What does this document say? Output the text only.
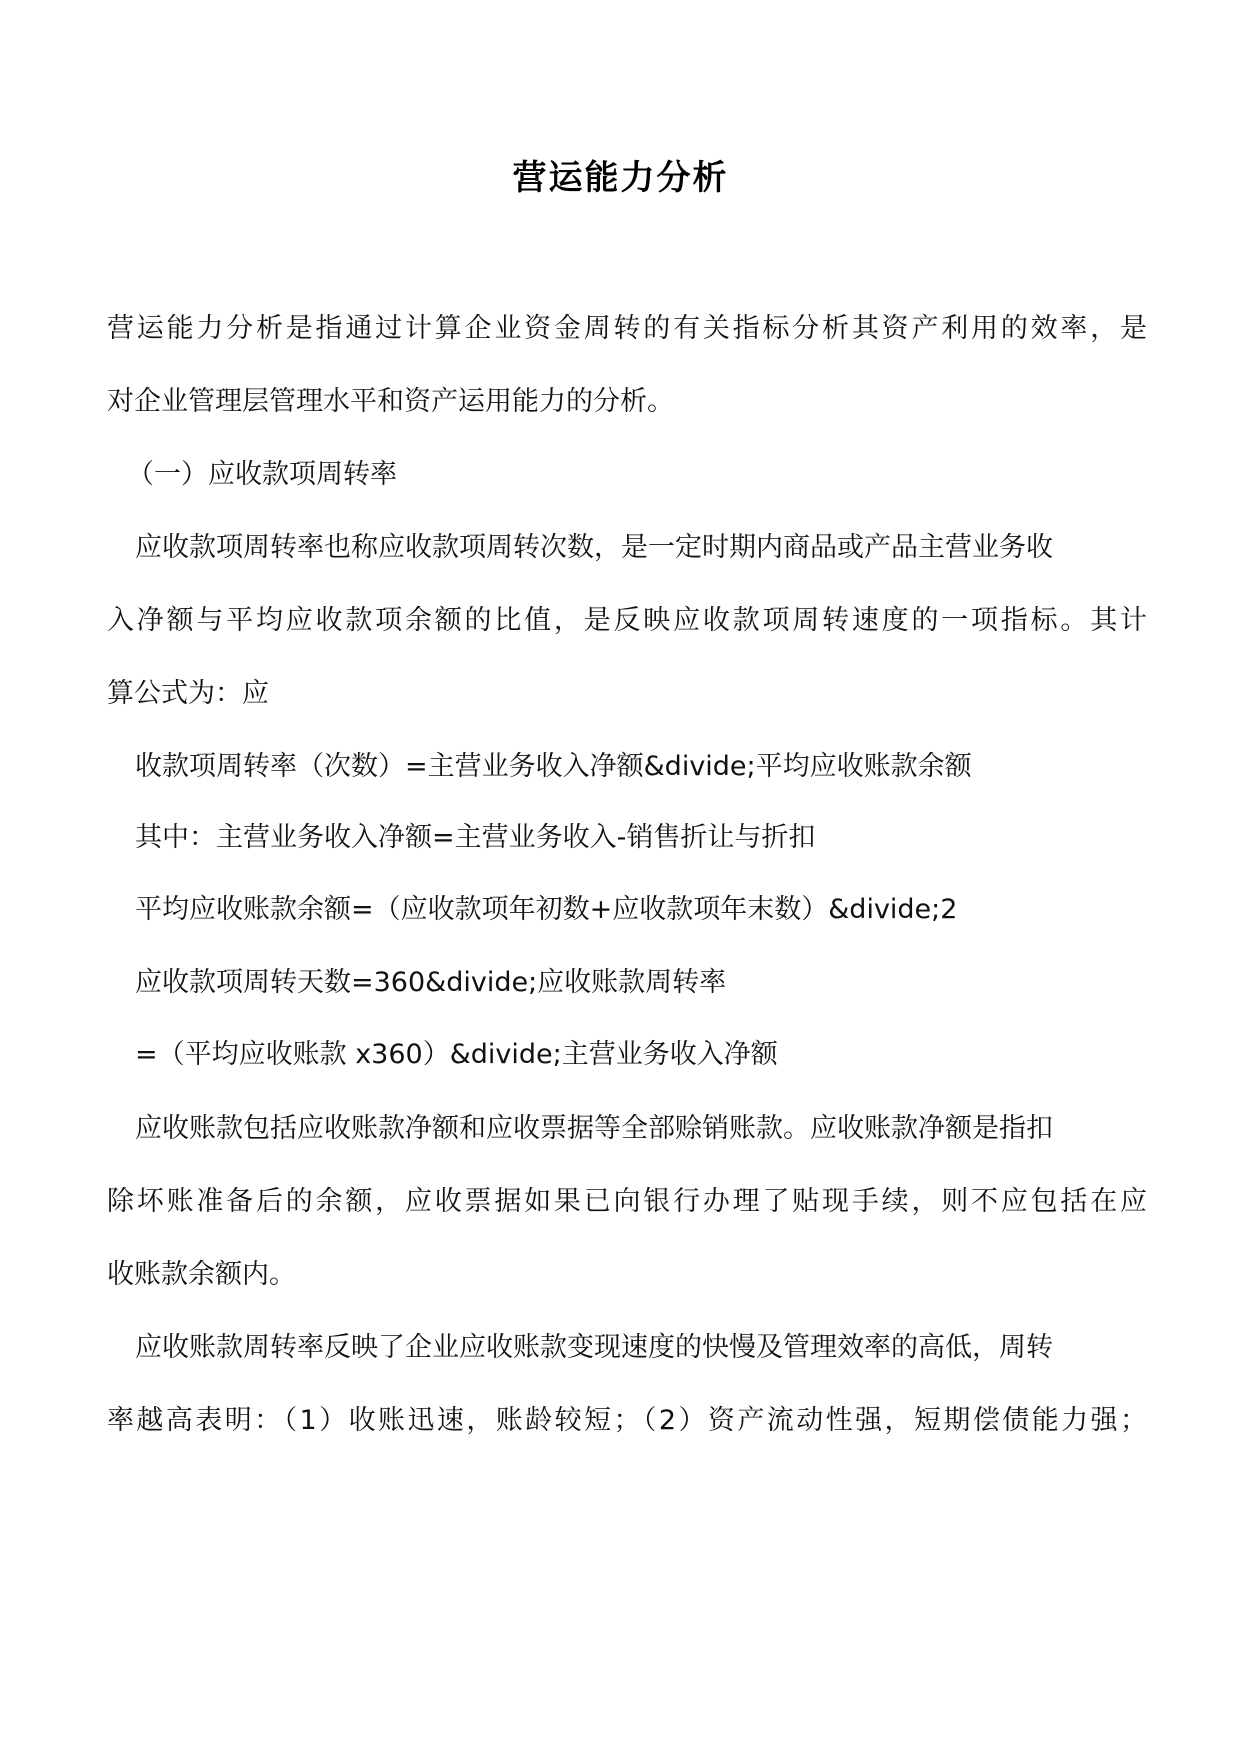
营运能力分析
营运能力分析是指通过计算企业资金周转的有关指标分析其资产利用的效率，是
对企业管理层管理水平和资产运用能力的分析。
（一）应收款项周转率
应收款项周转率也称应收款项周转次数，是一定时期内商品或产品主营业务收
入净额与平均应收款项余额的比值，是反映应收款项周转速度的一项指标。其计
算公式为：应
收款项周转率（次数）=主营业务收入净额&divide;平均应收账款余额
其中：主营业务收入净额=主营业务收入-销售折让与折扣
平均应收账款余额=（应收款项年初数+应收款项年末数）&divide;2
应收款项周转天数=360&divide;应收账款周转率
=（平均应收账款 x360）&divide;主营业务收入净额
应收账款包括应收账款净额和应收票据等全部赊销账款。应收账款净额是指扣
除坏账准备后的余额，应收票据如果已向银行办理了贴现手续，则不应包括在应
收账款余额内。
应收账款周转率反映了企业应收账款变现速度的快慢及管理效率的高低，周转
率越高表明：（1）收账迅速，账龄较短；（2）资产流动性强，短期偿债能力强；
